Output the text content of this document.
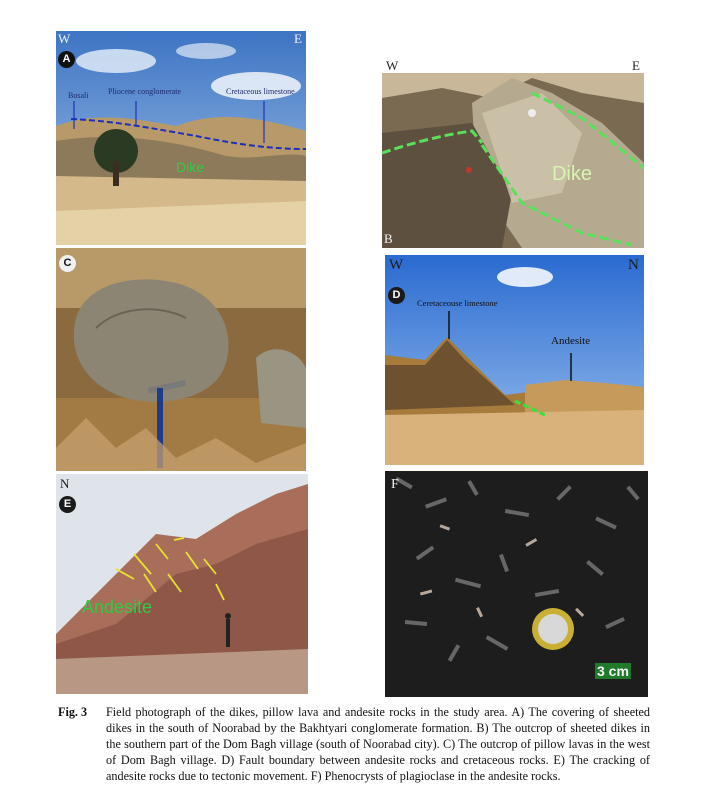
W	E
A
Bosali Pliocene conglomerate	Cretaceous limestone
Dike	Dike
B
W	E
C	W	N
D
Ceretaceouse limestone
Andesite
N
E
Andesite
F
3 cm
Fig. 3 Field photograph of the dikes, pillow lava and andesite rocks in the study area. A) The covering of sheeted dikes in the south of Noorabad by the Bakhtyari conglomerate formation. B) The outcrop of sheeted dikes in the southern part of the Dom Bagh village (south of Noorabad city). C) The outcrop of pillow lavas in the west of Dom Bagh village. D) Fault boundary between andesite rocks and cretaceous rocks. E) The cracking of andesite rocks due to tectonic movement. F) Phenocrysts of plagioclase in the andesite rocks.
